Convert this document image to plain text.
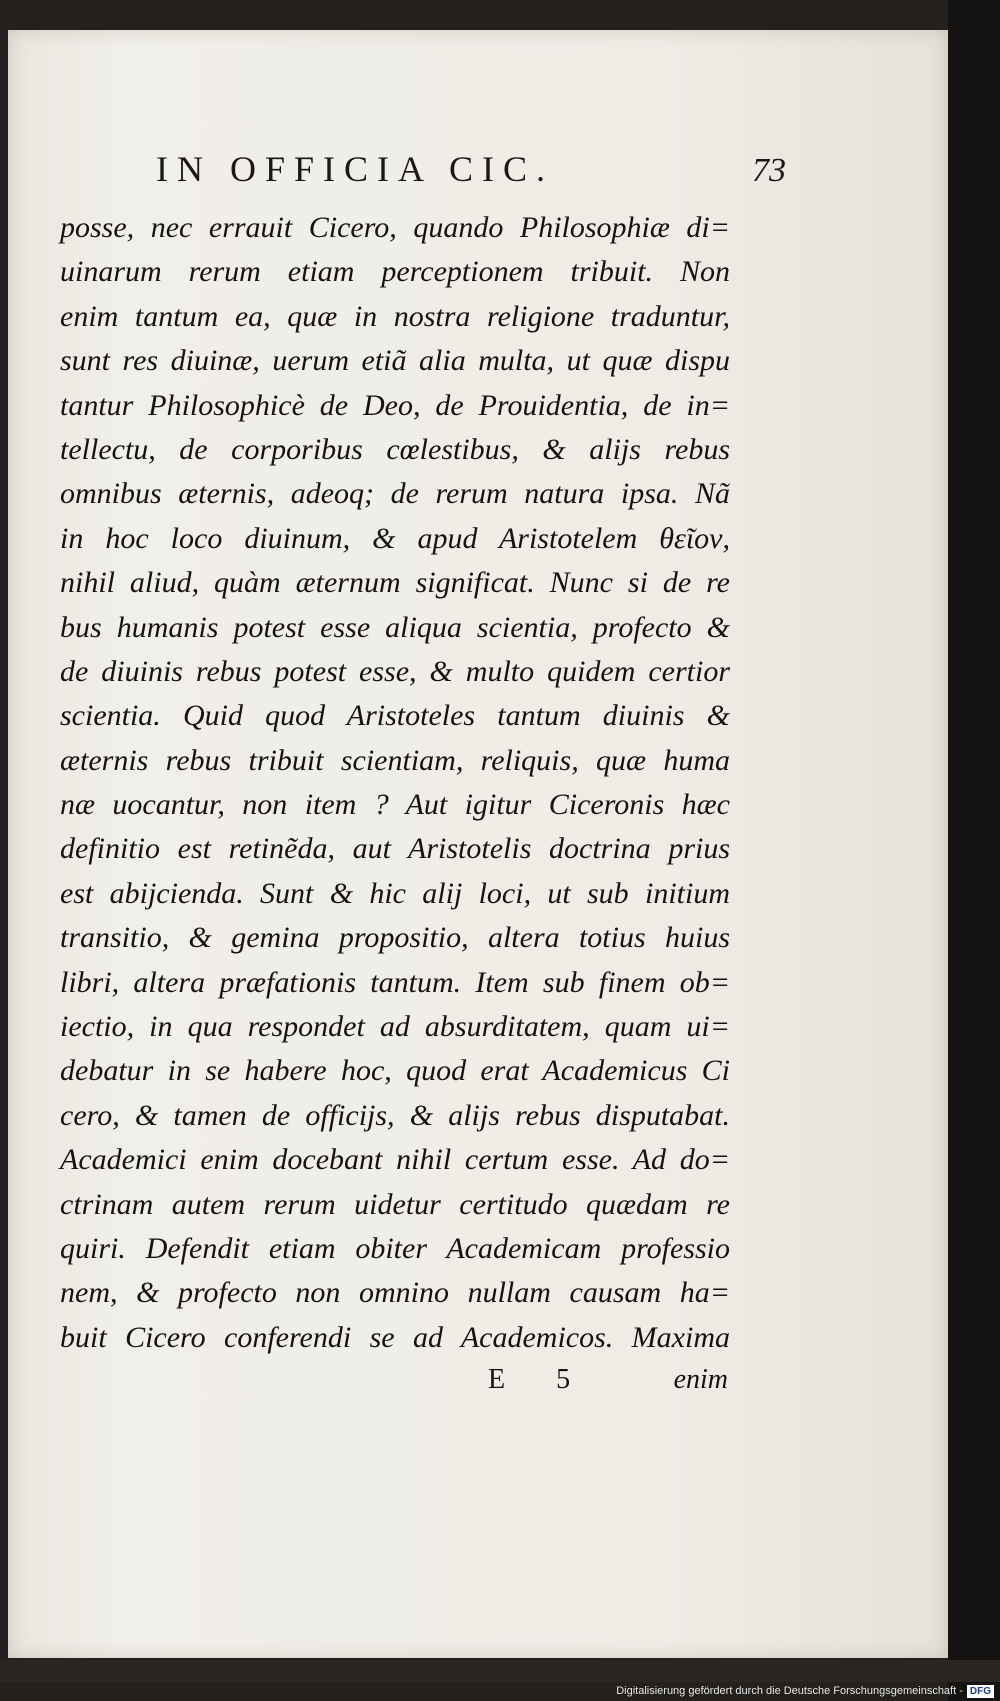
IN OFFICIA CIC.	73
posse, nec errauit Cicero, quando Philosophiæ di=
uinarum rerum etiam perceptionem tribuit. Non
enim tantum ea, quæ in nostra religione traduntur,
sunt res diuinæ, uerum etiã alia multa, ut quæ dispu
tantur Philosophicè de Deo, de Prouidentia, de in=
tellectu, de corporibus cœlestibus, & alijs rebus
omnibus æternis, adeoq; de rerum natura ipsa. Nã
in hoc loco diuinum, & apud Aristotelem θεῖον,
nihil aliud, quàm æternum significat. Nunc si de re
bus humanis potest esse aliqua scientia, profecto &
de diuinis rebus potest esse, & multo quidem certior
scientia. Quid quod Aristoteles tantum diuinis &
æternis rebus tribuit scientiam, reliquis, quæ huma
næ uocantur, non item ? Aut igitur Ciceronis hæc
definitio est retinẽda, aut Aristotelis doctrina prius
est abijcienda. Sunt & hic alij loci, ut sub initium
transitio, & gemina propositio, altera totius huius
libri, altera præfationis tantum. Item sub finem ob=
iectio, in qua respondet ad absurditatem, quam ui=
debatur in se habere hoc, quod erat Academicus Ci
cero, & tamen de officijs, & alijs rebus disputabat.
Academici enim docebant nihil certum esse. Ad do=
ctrinam autem rerum uidetur certitudo quædam re
quiri. Defendit etiam obiter Academicam professio
nem, & profecto non omnino nullam causam ha=
buit Cicero conferendi se ad Academicos. Maxima
E 5	enim
Digitalisierung gefördert durch die Deutsche Forschungsgemeinschaft - DFG
